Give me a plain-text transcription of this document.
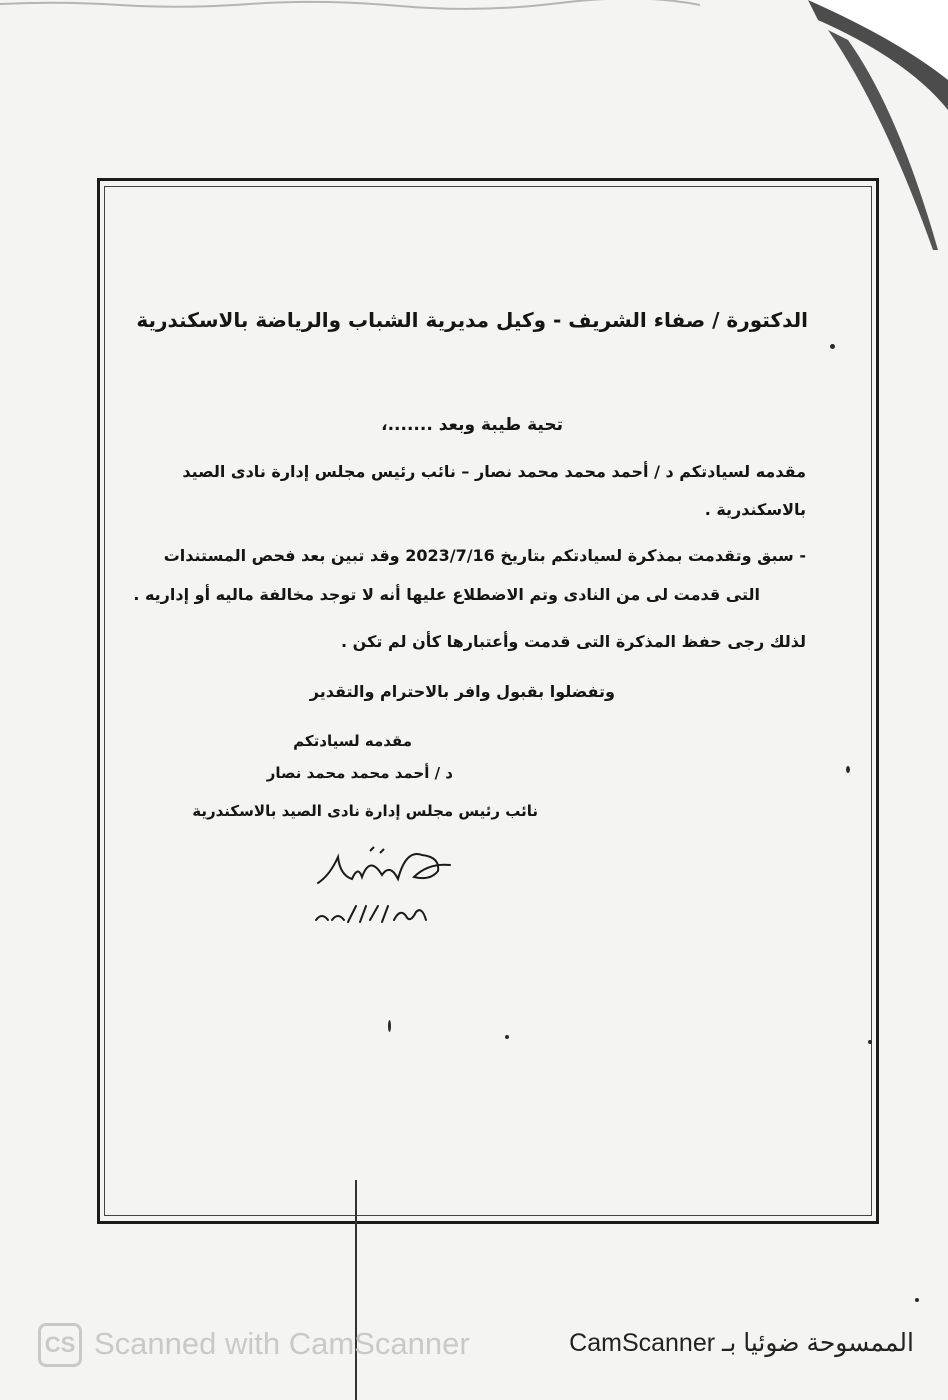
الدكتورة / صفاء الشريف - وكيل مديرية الشباب والرياضة بالاسكندرية
تحية طيبة وبعد .......،
مقدمه لسيادتكم د / أحمد محمد محمد نصار – نائب رئيس مجلس إدارة نادى الصيد
بالاسكندرية .
- سبق وتقدمت بمذكرة لسيادتكم بتاريخ 2023/7/16 وقد تبين بعد فحص المستندات
التى قدمت لى من النادى وتم الاضطلاع عليها أنه لا توجد مخالفة ماليه أو إداريه .
لذلك رجى حفظ المذكرة التى قدمت وأعتبارها كأن لم تكن .
وتفضلوا بقبول وافر بالاحترام والتقدير
مقدمه لسيادتكم
د / أحمد محمد محمد نصار
نائب رئيس مجلس إدارة نادى الصيد بالاسكندرية
CS Scanned with CamScanner	الممسوحة ضوئيا بـ CamScanner
